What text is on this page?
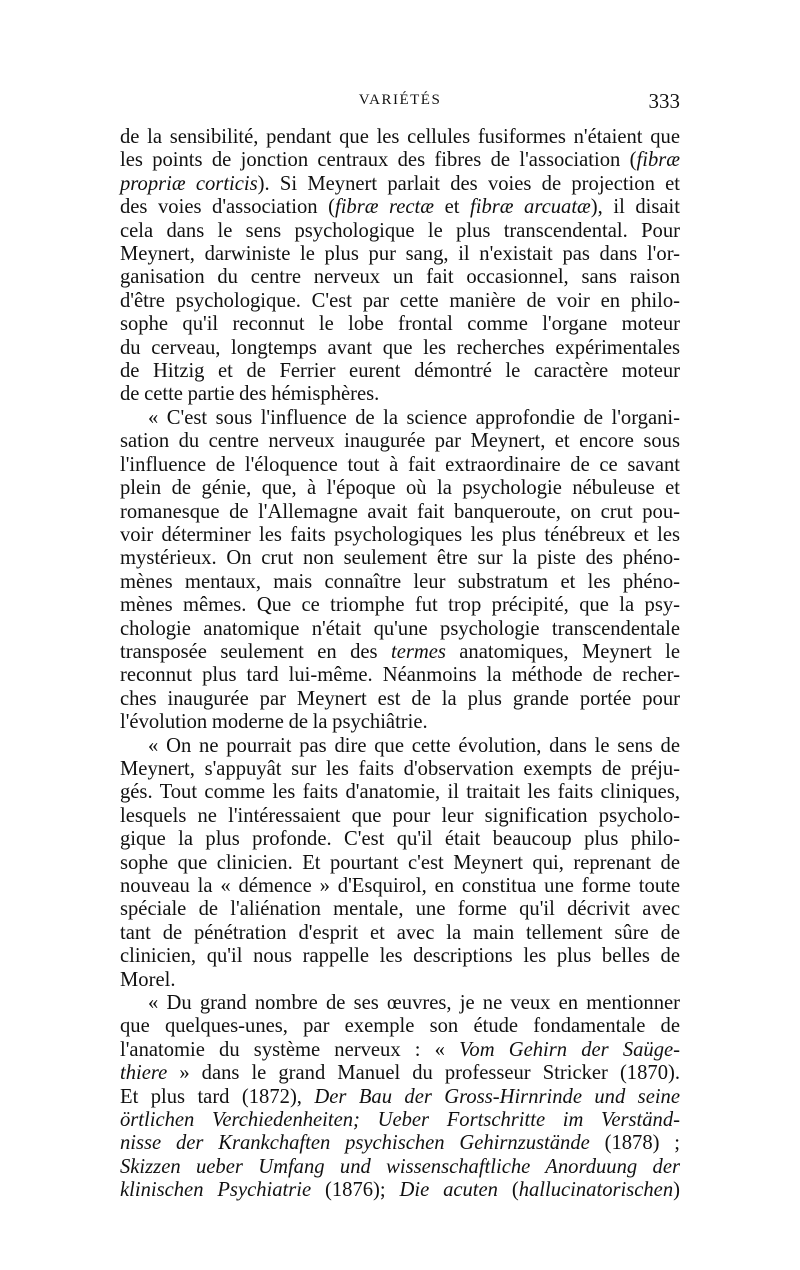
VARIÉTÉS	333

de la sensibilité, pendant que les cellules fusiformes n'étaient que
les points de jonction centraux des fibres de l'association (fibræ
propriæ corticis). Si Meynert parlait des voies de projection et
des voies d'association (fibræ rectæ et fibræ arcuatæ), il disait
cela dans le sens psychologique le plus transcendental. Pour
Meynert, darwiniste le plus pur sang, il n'existait pas dans l'or-
ganisation du centre nerveux un fait occasionnel, sans raison
d'être psychologique. C'est par cette manière de voir en philo-
sophe qu'il reconnut le lobe frontal comme l'organe moteur
du cerveau, longtemps avant que les recherches expérimentales
de Hitzig et de Ferrier eurent démontré le caractère moteur
de cette partie des hémisphères.

« C'est sous l'influence de la science approfondie de l'organi-
sation du centre nerveux inaugurée par Meynert, et encore sous
l'influence de l'éloquence tout à fait extraordinaire de ce savant
plein de génie, que, à l'époque où la psychologie nébuleuse et
romanesque de l'Allemagne avait fait banqueroute, on crut pou-
voir déterminer les faits psychologiques les plus ténébreux et les
mystérieux. On crut non seulement être sur la piste des phéno-
mènes mentaux, mais connaître leur substratum et les phéno-
mènes mêmes. Que ce triomphe fut trop précipité, que la psy-
chologie anatomique n'était qu'une psychologie transcendentale
transposée seulement en des termes anatomiques, Meynert le
reconnut plus tard lui-même. Néanmoins la méthode de recher-
ches inaugurée par Meynert est de la plus grande portée pour
l'évolution moderne de la psychiâtrie.

« On ne pourrait pas dire que cette évolution, dans le sens de
Meynert, s'appuyât sur les faits d'observation exempts de préju-
gés. Tout comme les faits d'anatomie, il traitait les faits cliniques,
lesquels ne l'intéressaient que pour leur signification psycholo-
gique la plus profonde. C'est qu'il était beaucoup plus philo-
sophe que clinicien. Et pourtant c'est Meynert qui, reprenant de
nouveau la « démence » d'Esquirol, en constitua une forme toute
spéciale de l'aliénation mentale, une forme qu'il décrivit avec
tant de pénétration d'esprit et avec la main tellement sûre de
clinicien, qu'il nous rappelle les descriptions les plus belles de
Morel.

« Du grand nombre de ses œuvres, je ne veux en mentionner
que quelques-unes, par exemple son étude fondamentale de
l'anatomie du système nerveux : « Vom Gehirn der Saüge-
thiere » dans le grand Manuel du professeur Stricker (1870).
Et plus tard (1872), Der Bau der Gross-Hirnrinde und seine
örtlichen Verchiedenheiten; Ueber Fortschritte im Verständ-
nisse der Krankchaften psychischen Gehirnzustände (1878) ;
Skizzen ueber Umfang und wissenschaftliche Anorduung der
klinischen Psychiatrie (1876); Die acuten (hallucinatorischen)
